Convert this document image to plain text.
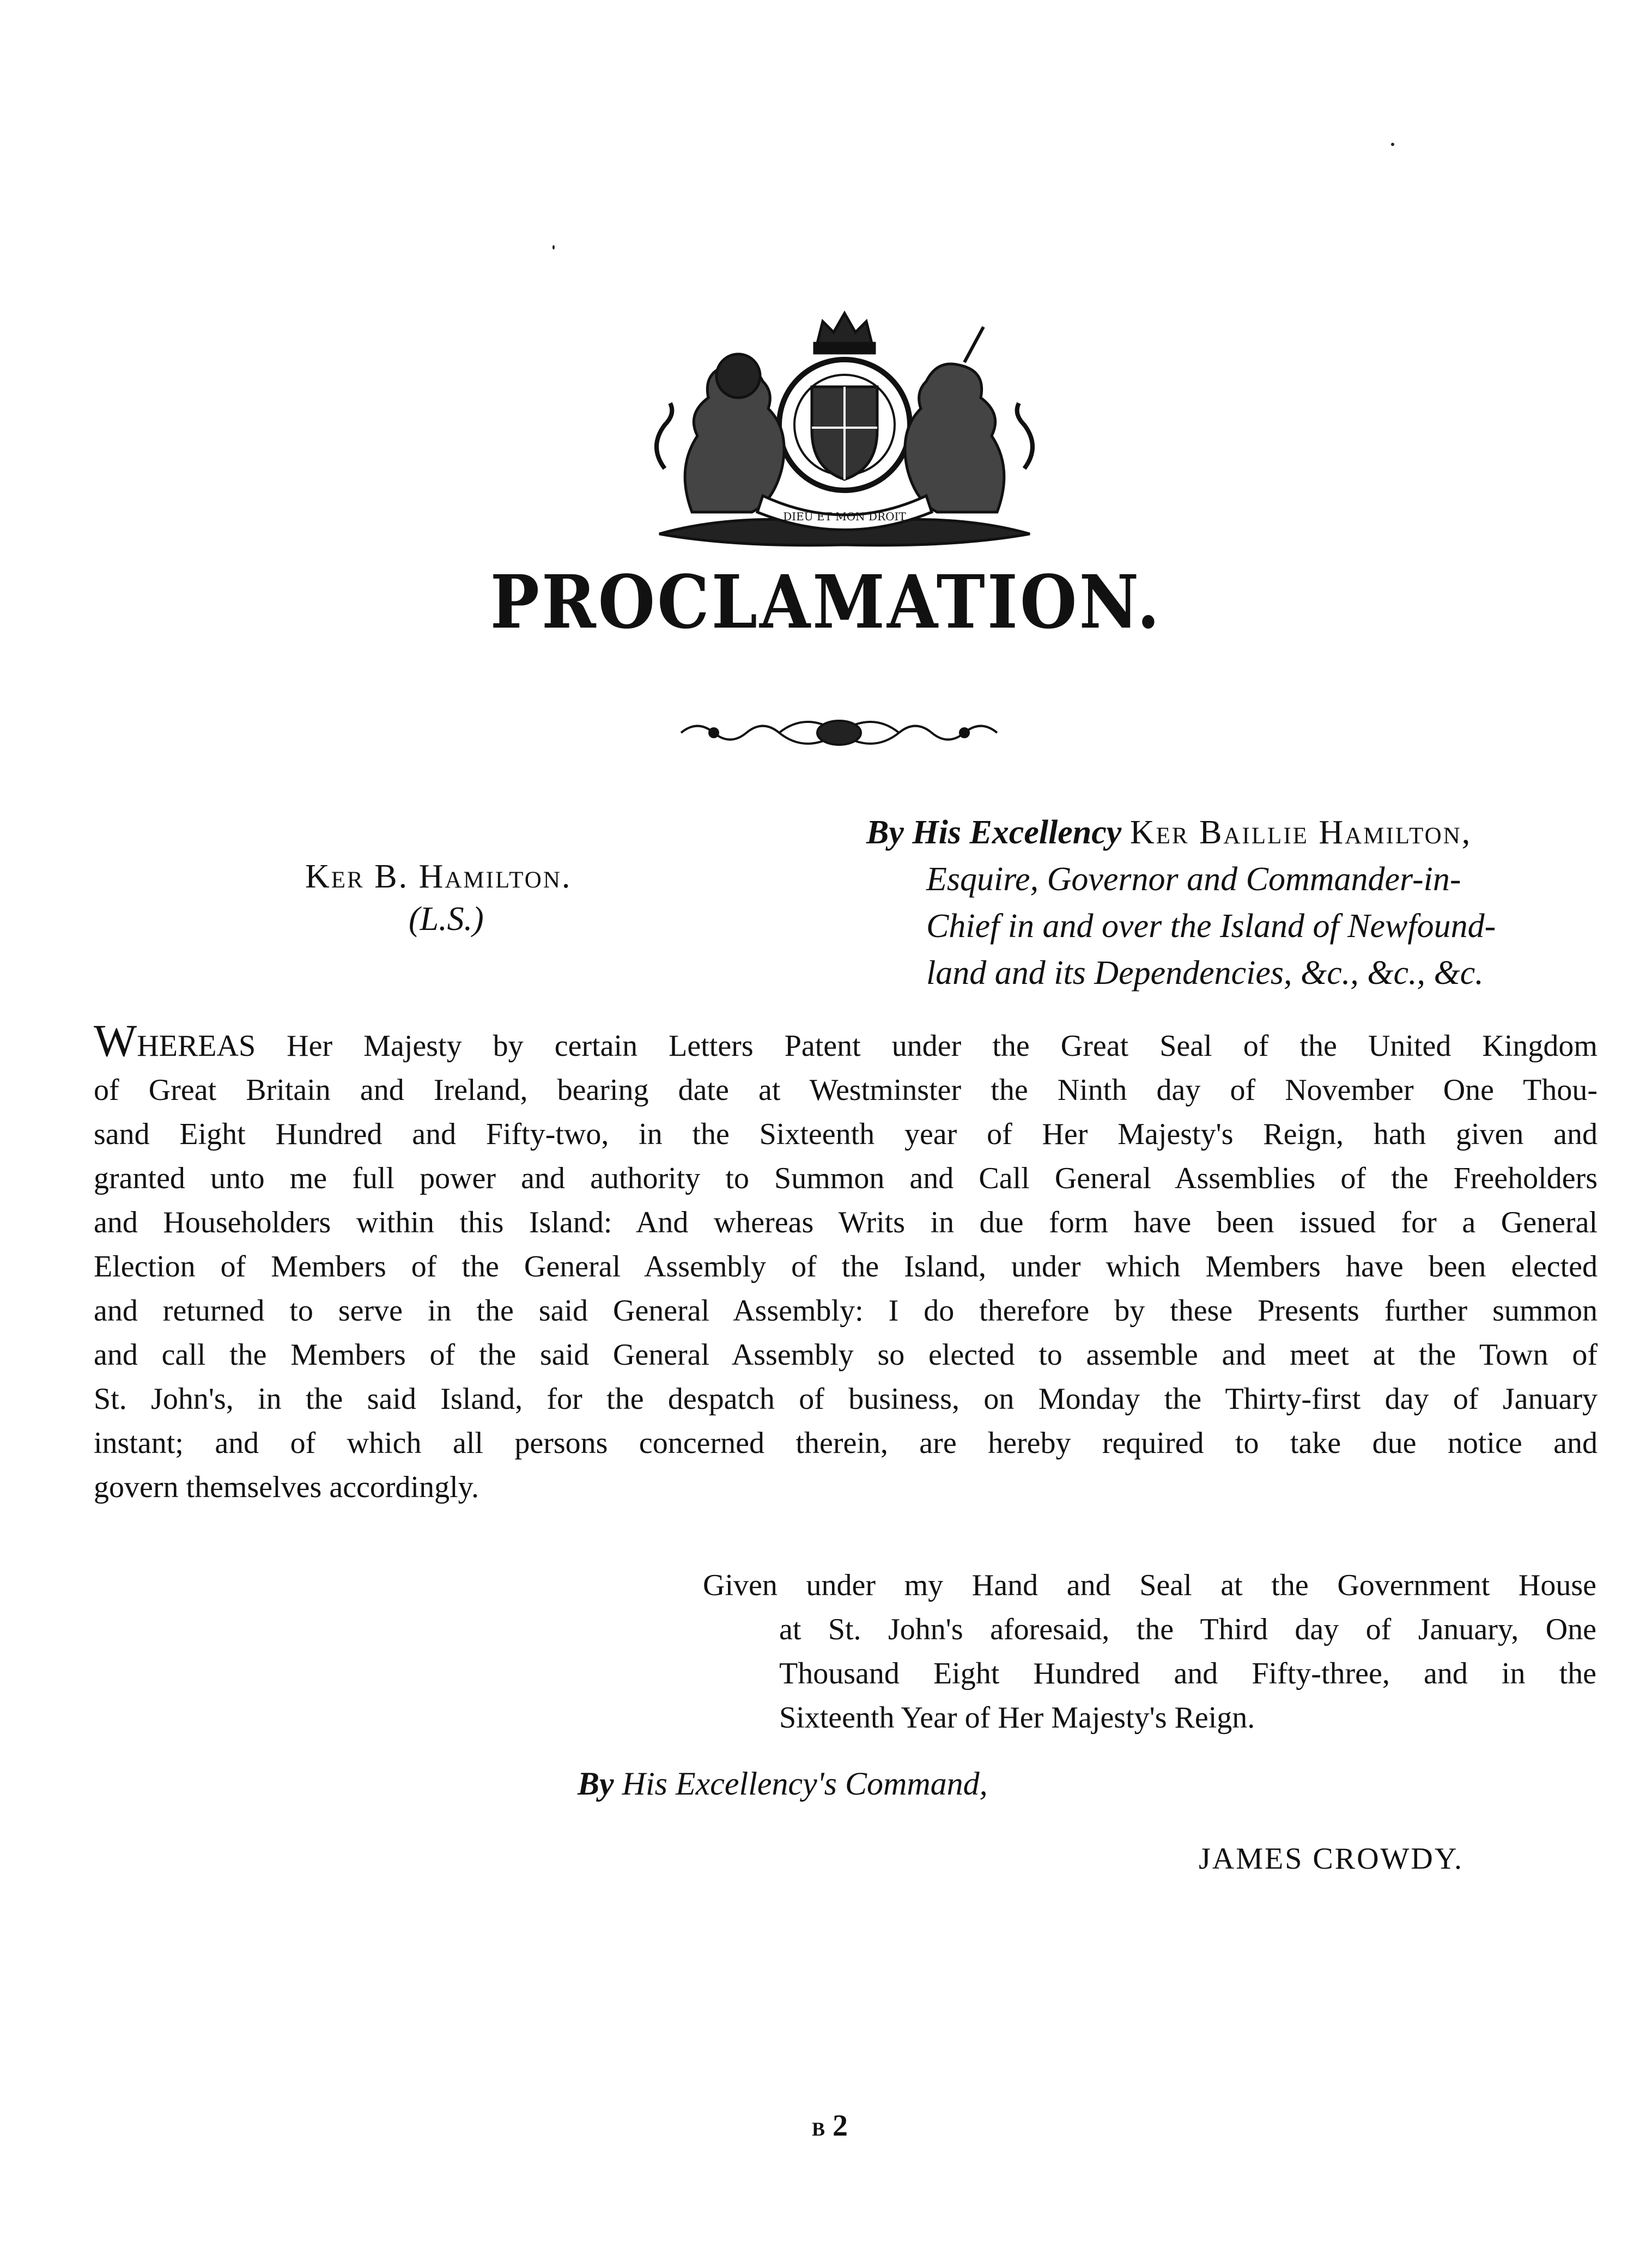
DIEU ET MON DROIT
PROCLAMATION.
Ker B. Hamilton.
(L.S.)
By His Excellency Ker Baillie Hamilton,
Esquire, Governor and Commander-in-
Chief in and over the Island of Newfound-
land and its Dependencies, &c., &c., &c.
WHEREAS Her Majesty by certain Letters Patent under the Great Seal of the United Kingdom
of Great Britain and Ireland, bearing date at Westminster the Ninth day of November One Thou-
sand Eight Hundred and Fifty-two, in the Sixteenth year of Her Majesty's Reign, hath given and
granted unto me full power and authority to Summon and Call General Assemblies of the Freeholders
and Householders within this Island: And whereas Writs in due form have been issued for a General
Election of Members of the General Assembly of the Island, under which Members have been elected
and returned to serve in the said General Assembly: I do therefore by these Presents further summon
and call the Members of the said General Assembly so elected to assemble and meet at the Town of
St. John's, in the said Island, for the despatch of business, on Monday the Thirty-first day of January
instant; and of which all persons concerned therein, are hereby required to take due notice and
govern themselves accordingly.
Given under my Hand and Seal at the Government House
at St. John's aforesaid, the Third day of January, One
Thousand Eight Hundred and Fifty-three, and in the
Sixteenth Year of Her Majesty's Reign.
By His Excellency's Command,
JAMES CROWDY.
B 2
